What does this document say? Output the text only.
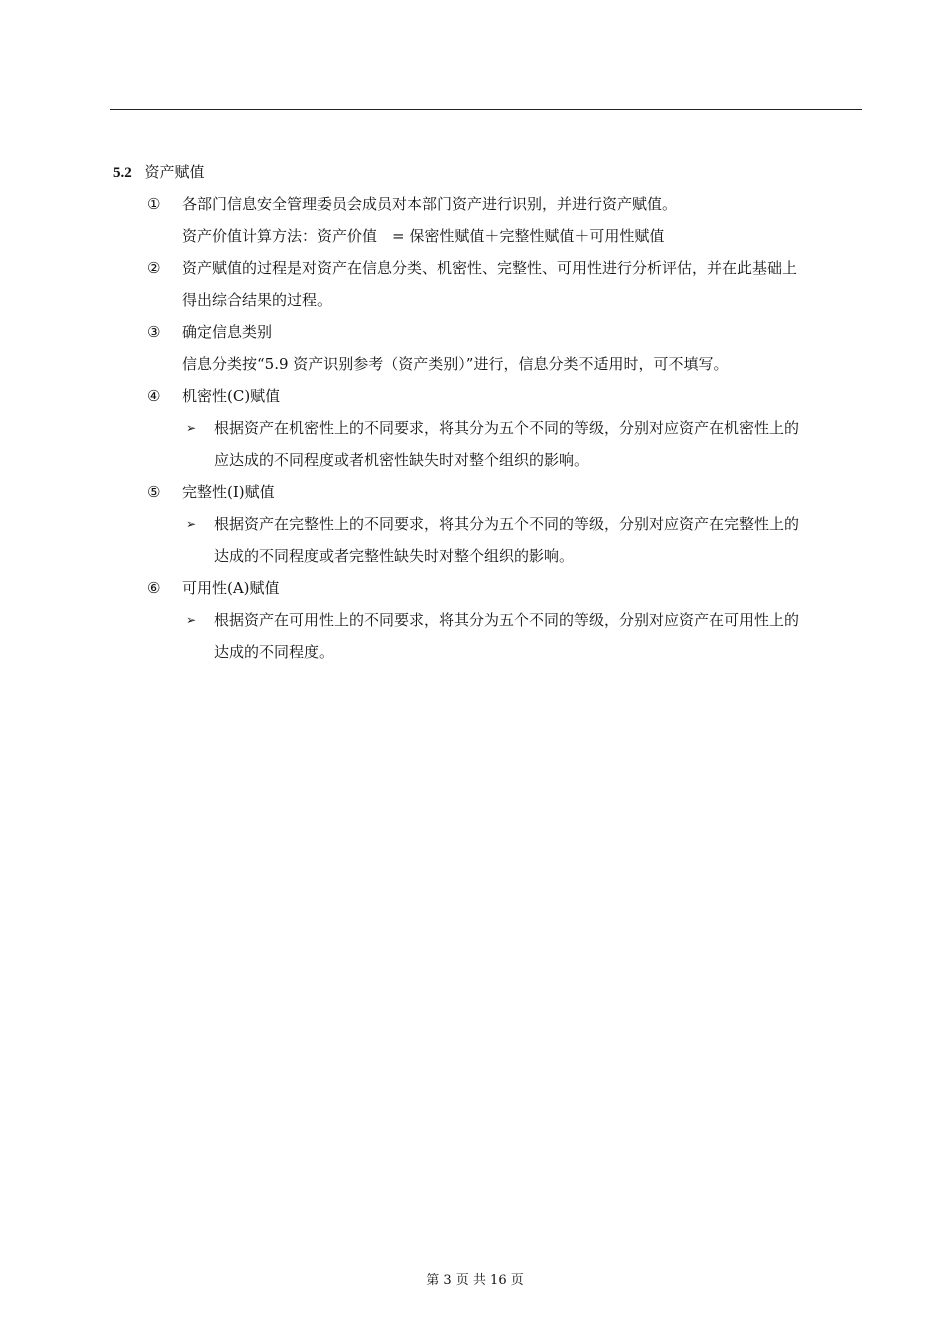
5.2 资产赋值
① 各部门信息安全管理委员会成员对本部门资产进行识别，并进行资产赋值。
资产价值计算方法：资产价值　= 保密性赋值＋完整性赋值＋可用性赋值
② 资产赋值的过程是对资产在信息分类、机密性、完整性、可用性进行分析评估，并在此基础上
得出综合结果的过程。
③ 确定信息类别
信息分类按“5.9 资产识别参考（资产类别）”进行，信息分类不适用时，可不填写。
④ 机密性(C)赋值
➢ 根据资产在机密性上的不同要求，将其分为五个不同的等级，分别对应资产在机密性上的
应达成的不同程度或者机密性缺失时对整个组织的影响。
⑤ 完整性(I)赋值
➢ 根据资产在完整性上的不同要求，将其分为五个不同的等级，分别对应资产在完整性上的
达成的不同程度或者完整性缺失时对整个组织的影响。
⑥ 可用性(A)赋值
➢ 根据资产在可用性上的不同要求，将其分为五个不同的等级，分别对应资产在可用性上的
达成的不同程度。
第 3 页 共 16 页
